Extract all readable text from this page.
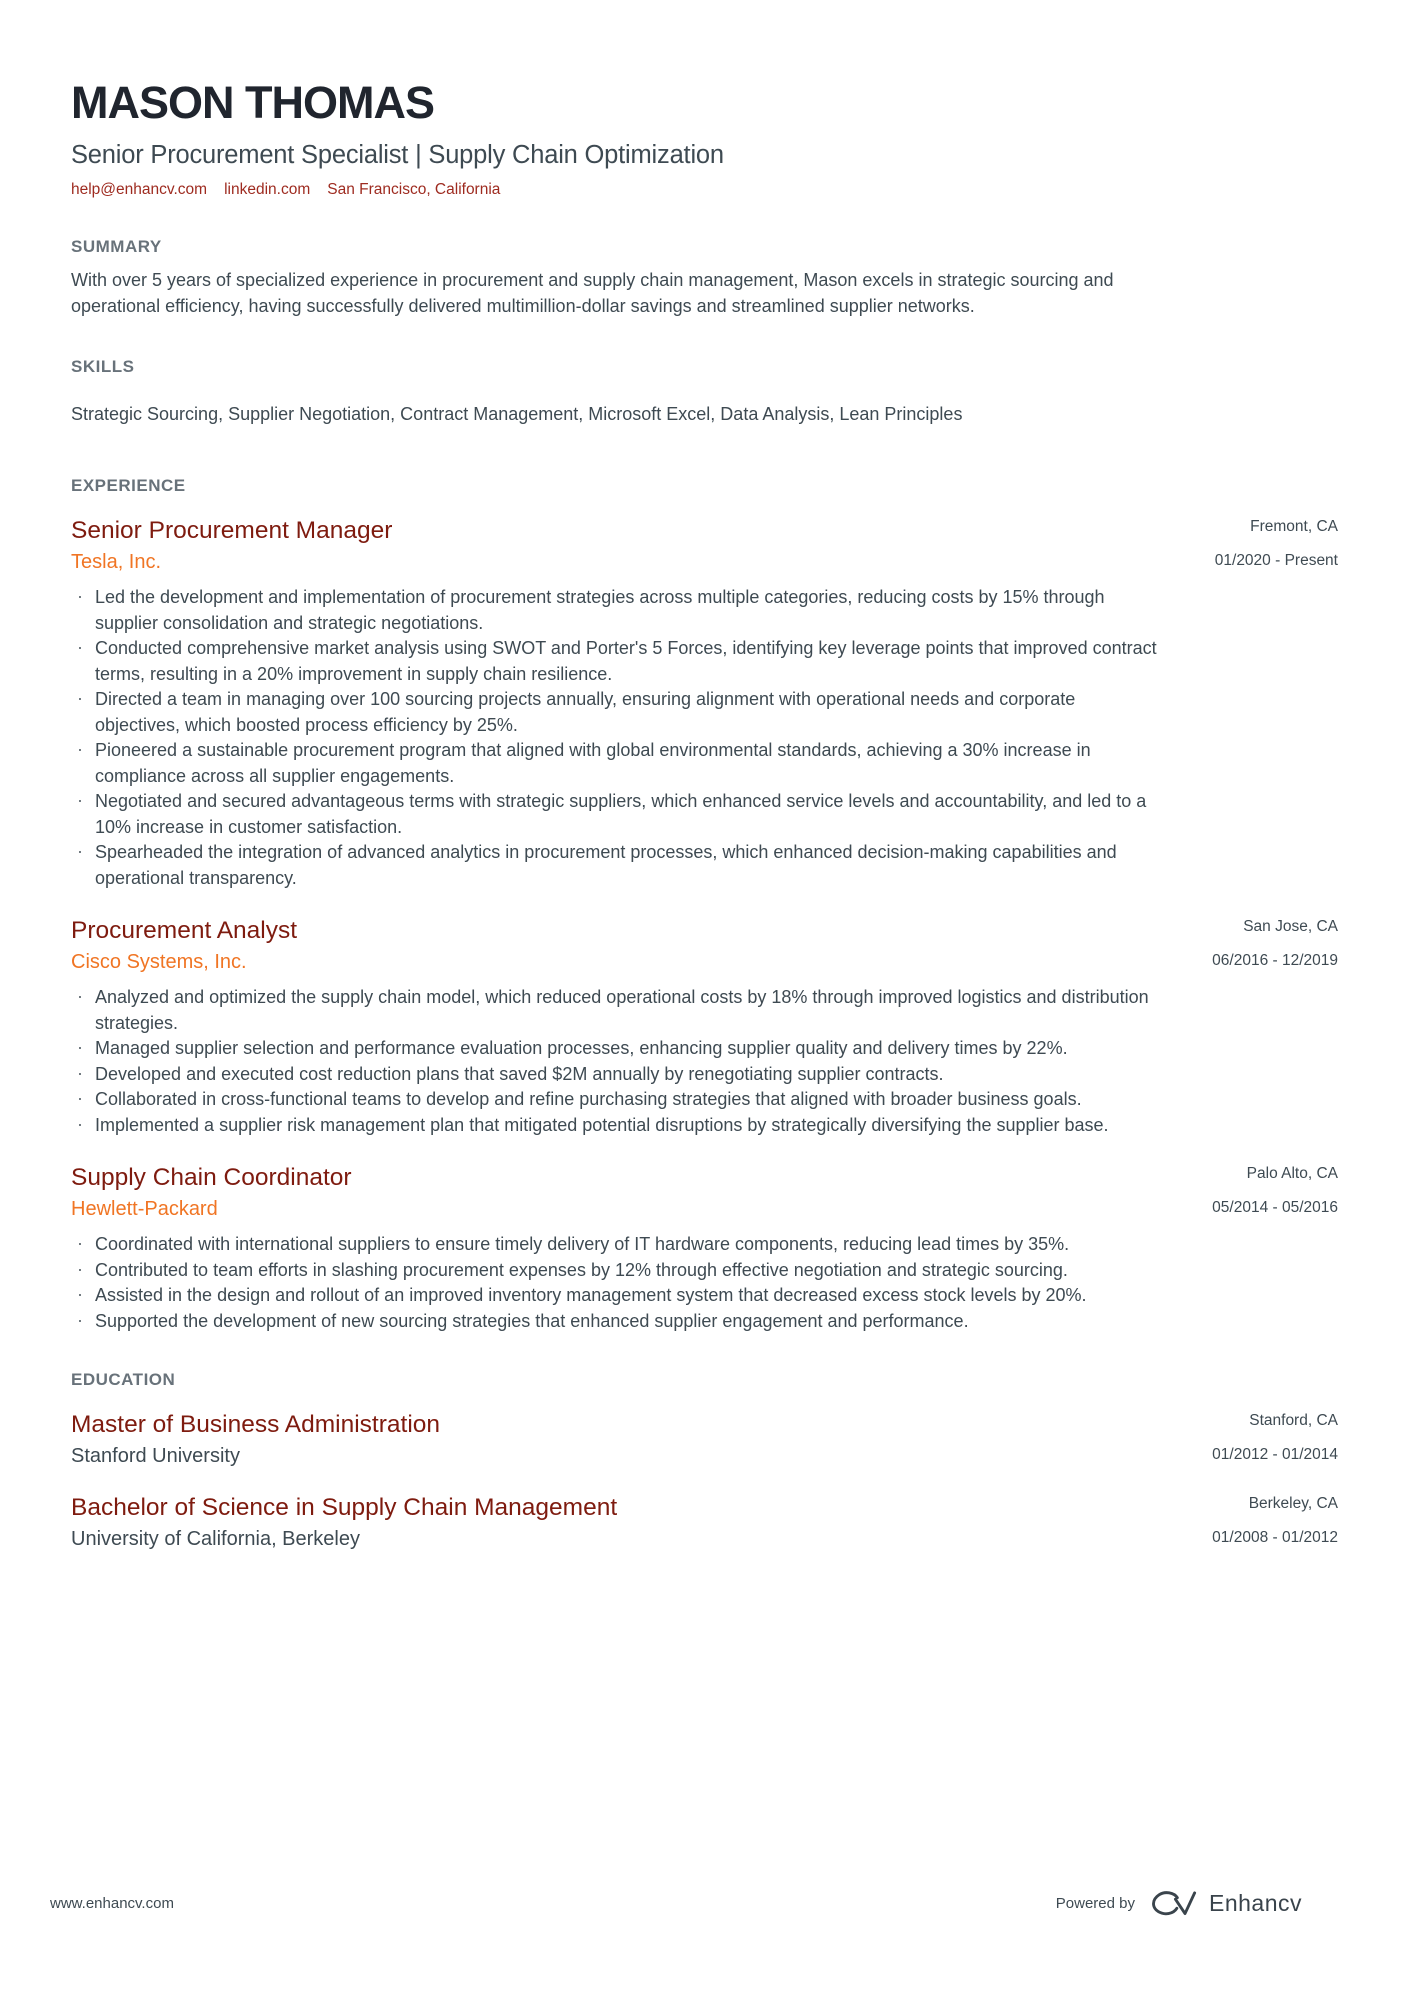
MASON THOMAS
Senior Procurement Specialist | Supply Chain Optimization
help@enhancv.com linkedin.com San Francisco, California
SUMMARY

With over 5 years of specialized experience in procurement and supply chain management, Mason excels in strategic sourcing and operational efficiency, having successfully delivered multimillion-dollar savings and streamlined supplier networks.

SKILLS

Strategic Sourcing, Supplier Negotiation, Contract Management, Microsoft Excel, Data Analysis, Lean Principles

EXPERIENCE
Senior Procurement Manager
Tesla, Inc.
Fremont, CA
01/2020 - Present
· Led the development and implementation of procurement strategies across multiple categories, reducing costs by 15% through supplier consolidation and strategic negotiations.
· Conducted comprehensive market analysis using SWOT and Porter's 5 Forces, identifying key leverage points that improved contract terms, resulting in a 20% improvement in supply chain resilience.
· Directed a team in managing over 100 sourcing projects annually, ensuring alignment with operational needs and corporate objectives, which boosted process efficiency by 25%.
· Pioneered a sustainable procurement program that aligned with global environmental standards, achieving a 30% increase in compliance across all supplier engagements.
· Negotiated and secured advantageous terms with strategic suppliers, which enhanced service levels and accountability, and led to a 10% increase in customer satisfaction.
· Spearheaded the integration of advanced analytics in procurement processes, which enhanced decision-making capabilities and operational transparency.
Procurement Analyst
Cisco Systems, Inc.
San Jose, CA
06/2016 - 12/2019
· Analyzed and optimized the supply chain model, which reduced operational costs by 18% through improved logistics and distribution strategies.
· Managed supplier selection and performance evaluation processes, enhancing supplier quality and delivery times by 22%.
· Developed and executed cost reduction plans that saved $2M annually by renegotiating supplier contracts.
· Collaborated in cross-functional teams to develop and refine purchasing strategies that aligned with broader business goals.
· Implemented a supplier risk management plan that mitigated potential disruptions by strategically diversifying the supplier base.
Supply Chain Coordinator
Hewlett-Packard
Palo Alto, CA
05/2014 - 05/2016
· Coordinated with international suppliers to ensure timely delivery of IT hardware components, reducing lead times by 35%.
· Contributed to team efforts in slashing procurement expenses by 12% through effective negotiation and strategic sourcing.
· Assisted in the design and rollout of an improved inventory management system that decreased excess stock levels by 20%.
· Supported the development of new sourcing strategies that enhanced supplier engagement and performance.
EDUCATION
Master of Business Administration
Stanford University
Stanford, CA
01/2012 - 01/2014
Bachelor of Science in Supply Chain Management
University of California, Berkeley
Berkeley, CA
01/2008 - 01/2012
www.enhancv.com	Powered by	Enhancv
